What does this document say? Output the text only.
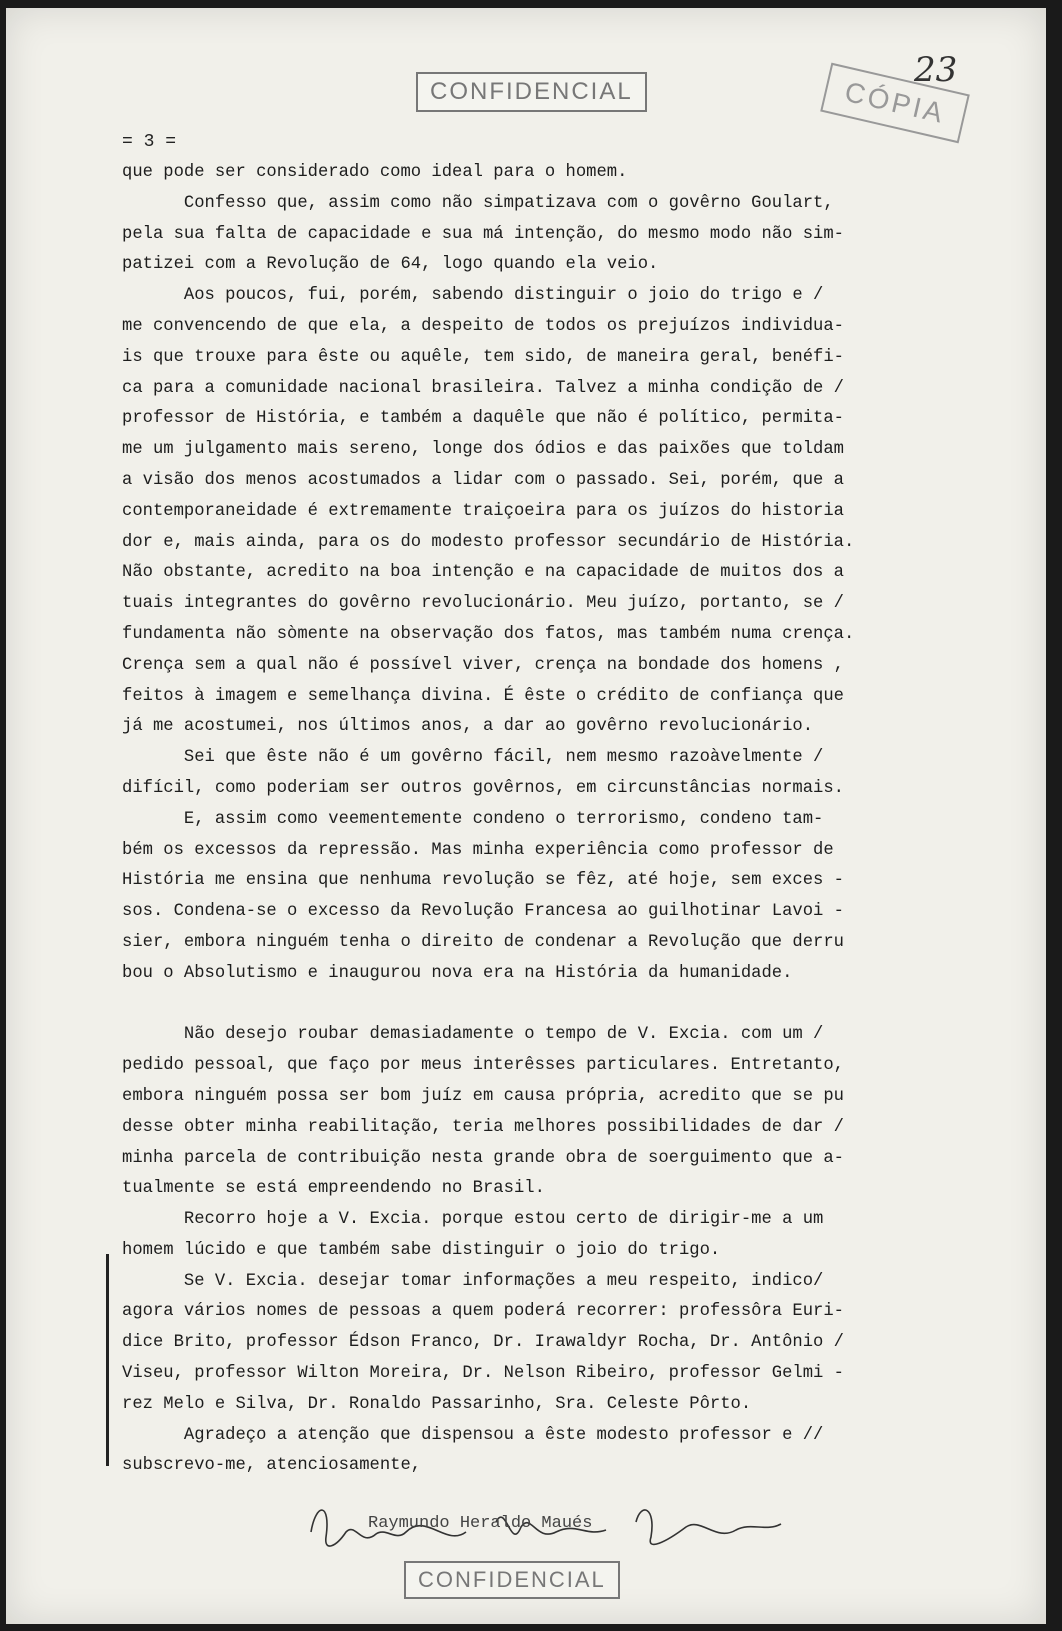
CONFIDENCIAL	CÓPIA
23
= 3 =
que pode ser considerado como ideal para o homem.
Confesso que, assim como não simpatizava com o govêrno Goulart,
pela sua falta de capacidade e sua má intenção, do mesmo modo não sim-
patizei com a Revolução de 64, logo quando ela veio.
Aos poucos, fui, porém, sabendo distinguir o joio do trigo e /
me convencendo de que ela, a despeito de todos os prejuízos individua-
is que trouxe para êste ou aquêle, tem sido, de maneira geral, benéfi-
ca para a comunidade nacional brasileira. Talvez a minha condição de /
professor de História, e também a daquêle que não é político, permita-
me um julgamento mais sereno, longe dos ódios e das paixões que toldam
a visão dos menos acostumados a lidar com o passado. Sei, porém, que a
contemporaneidade é extremamente traiçoeira para os juízos do historia
dor e, mais ainda, para os do modesto professor secundário de História.
Não obstante, acredito na boa intenção e na capacidade de muitos dos a
tuais integrantes do govêrno revolucionário. Meu juízo, portanto, se /
fundamenta não sòmente na observação dos fatos, mas também numa crença.
Crença sem a qual não é possível viver, crença na bondade dos homens ,
feitos à imagem e semelhança divina. É êste o crédito de confiança que
já me acostumei, nos últimos anos, a dar ao govêrno revolucionário.
Sei que êste não é um govêrno fácil, nem mesmo razoàvelmente /
difícil, como poderiam ser outros govêrnos, em circunstâncias normais.
E, assim como veementemente condeno o terrorismo, condeno tam-
bém os excessos da repressão. Mas minha experiência como professor de
História me ensina que nenhuma revolução se fêz, até hoje, sem exces -
sos. Condena-se o excesso da Revolução Francesa ao guilhotinar Lavoi -
sier, embora ninguém tenha o direito de condenar a Revolução que derru
bou o Absolutismo e inaugurou nova era na História da humanidade.
Não desejo roubar demasiadamente o tempo de V. Excia. com um /
pedido pessoal, que faço por meus interêsses particulares. Entretanto,
embora ninguém possa ser bom juíz em causa própria, acredito que se pu
desse obter minha reabilitação, teria melhores possibilidades de dar /
minha parcela de contribuição nesta grande obra de soerguimento que a-
tualmente se está empreendendo no Brasil.
Recorro hoje a V. Excia. porque estou certo de dirigir-me a um
homem lúcido e que também sabe distinguir o joio do trigo.
Se V. Excia. desejar tomar informações a meu respeito, indico/
agora vários nomes de pessoas a quem poderá recorrer: professôra Euri-
dice Brito, professor Édson Franco, Dr. Irawaldyr Rocha, Dr. Antônio /
Viseu, professor Wilton Moreira, Dr. Nelson Ribeiro, professor Gelmi -
rez Melo e Silva, Dr. Ronaldo Passarinho, Sra. Celeste Pôrto.
Agradeço a atenção que dispensou a êste modesto professor e //
subscrevo-me, atenciosamente,
Raymundo Heraldo Maués
CONFIDENCIAL
